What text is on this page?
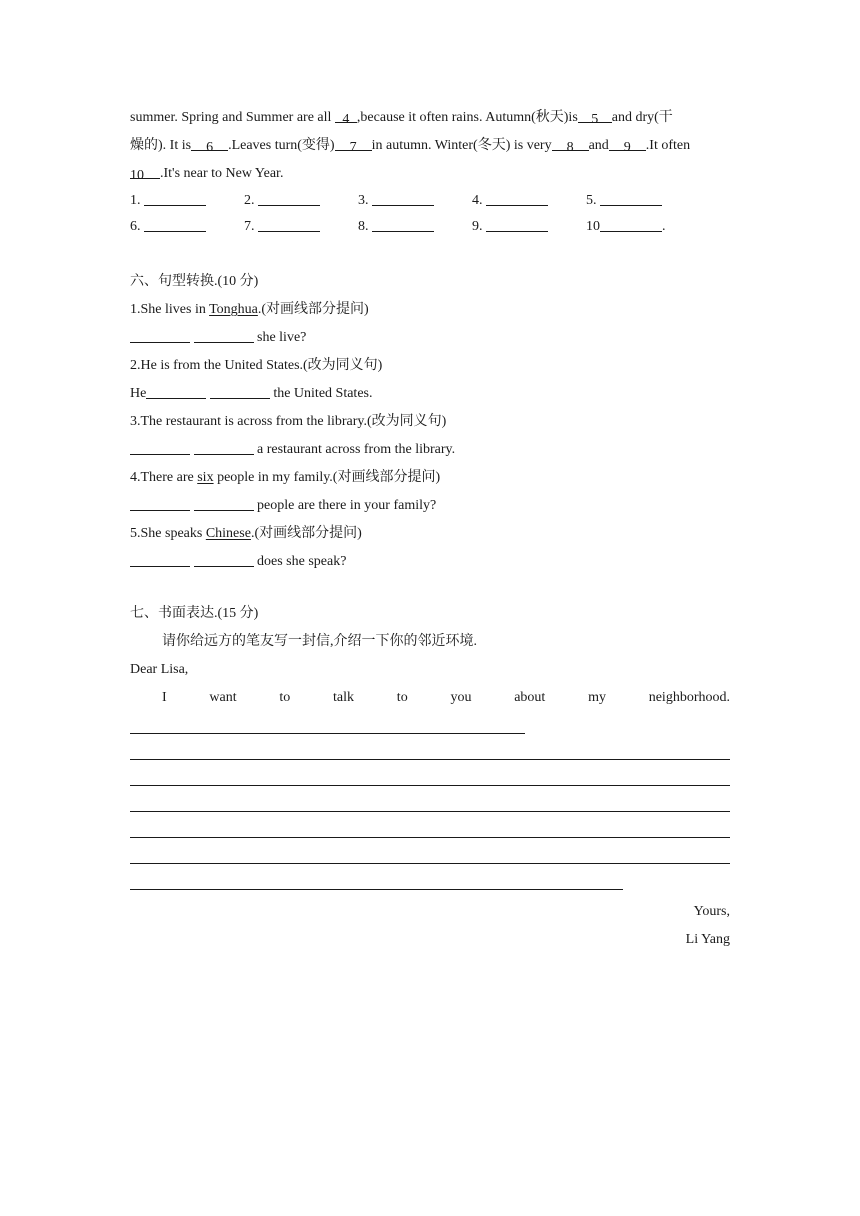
summer. Spring and Summer are all 4 ,because it often rains. Autumn(秋天)is 5 and dry(干
燥的). It is 6 .Leaves turn(变得) 7 in autumn. Winter(冬天) is very 8 and 9 .It often
10 .It's near to New Year.
1.	2.	3.	4.	5.
6.	7.	8.	9.	10	.
六、句型转换.(10 分)
1.She lives in Tonghua.(对画线部分提问)
she live?
2.He is from the United States.(改为同义句)
He	the United States.
3.The restaurant is across from the library.(改为同义句)
a restaurant across from the library.
4.There are six people in my family.(对画线部分提问)
people are there in your family?
5.She speaks Chinese.(对画线部分提问)
does she speak?
七、书面表达.(15 分)
请你给远方的笔友写一封信,介绍一下你的邻近环境.
Dear Lisa,
I want to talk to you about my neighborhood.
Yours,
Li Yang
